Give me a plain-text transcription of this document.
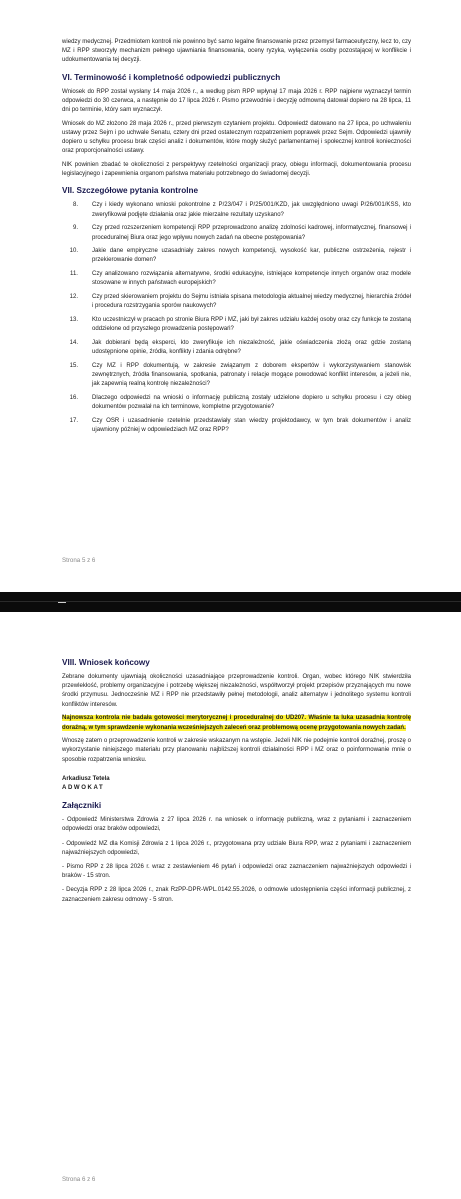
wiedzy medycznej. Przedmiotem kontroli nie powinno być samo legalne finansowanie przez przemysł farmaceutyczny, lecz to, czy MZ i RPP stworzyły mechanizm pełnego ujawniania finansowania, oceny ryzyka, wyłączenia osoby pozostającej w konflikcie i udokumentowania tej decyzji.

VI. Terminowość i kompletność odpowiedzi publicznych

Wniosek do RPP został wysłany 14 maja 2026 r., a według pism RPP wpłynął 17 maja 2026 r. RPP najpierw wyznaczył termin odpowiedzi do 30 czerwca, a następnie do 17 lipca 2026 r. Pismo przewodnie i decyzję odmowną datował dopiero na 28 lipca, 11 dni po terminie, który sam wyznaczył.

Wniosek do MZ złożono 28 maja 2026 r., przed pierwszym czytaniem projektu. Odpowiedź datowano na 27 lipca, po uchwaleniu ustawy przez Sejm i po uchwale Senatu, cztery dni przed ostatecznym rozpatrzeniem poprawek przez Sejm. Odpowiedzi ujawniły dopiero u schyłku procesu brak części analiz i dokumentów, które mogły służyć parlamentarnej i społecznej kontroli konieczności oraz proporcjonalności ustawy.

NIK powinien zbadać te okoliczności z perspektywy rzetelności organizacji pracy, obiegu informacji, dokumentowania procesu legislacyjnego i zapewnienia organom państwa materiału potrzebnego do świadomej decyzji.

VII. Szczegółowe pytania kontrolne
8. Czy i kiedy wykonano wnioski pokontrolne z P/23/047 i P/25/001/KZD, jak uwzględniono uwagi P/26/001/KSS, kto zweryfikował podjęte działania oraz jakie mierzalne rezultaty uzyskano?
9. Czy przed rozszerzeniem kompetencji RPP przeprowadzono analizę zdolności kadrowej, informatycznej, finansowej i proceduralnej Biura oraz jego wpływu nowych zadań na obecne postępowania?
10. Jakie dane empiryczne uzasadniały zakres nowych kompetencji, wysokość kar, publiczne ostrzeżenia, rejestr i przekierowanie domen?
11. Czy analizowano rozwiązania alternatywne, środki edukacyjne, istniejące kompetencje innych organów oraz modele stosowane w innych państwach europejskich?
12. Czy przed skierowaniem projektu do Sejmu istniała spisana metodologia aktualnej wiedzy medycznej, hierarchia źródeł i procedura rozstrzygania sporów naukowych?
13. Kto uczestniczył w pracach po stronie Biura RPP i MZ, jaki był zakres udziału każdej osoby oraz czy funkcje te zostaną oddzielone od przyszłego prowadzenia postępowań?
14. Jak dobierani będą eksperci, kto zweryfikuje ich niezależność, jakie oświadczenia złożą oraz gdzie zostaną udostępnione opinie, źródła, konflikty i zdania odrębne?
15. Czy MZ i RPP dokumentują, w zakresie związanym z doborem ekspertów i wykorzystywaniem stanowisk zewnętrznych, źródła finansowania, spotkania, patronaty i relacje mogące powodować konflikt interesów, a jeżeli nie, jak zapewnią realną kontrolę niezależności?
16. Dlaczego odpowiedzi na wnioski o informację publiczną zostały udzielone dopiero u schyłku procesu i czy obieg dokumentów pozwalał na ich terminowe, kompletne przygotowanie?
17. Czy OSR i uzasadnienie rzetelnie przedstawiały stan wiedzy projektodawcy, w tym brak dokumentów i analiz ujawniony później w odpowiedziach MZ oraz RPP?
Strona 5 z 6
VIII. Wniosek końcowy

Zebrane dokumenty ujawniają okoliczności uzasadniające przeprowadzenie kontroli. Organ, wobec którego NIK stwierdziła przewlekłość, problemy organizacyjne i potrzebę większej niezależności, współtworzył projekt przepisów przyznających mu nowe środki przymusu. Jednocześnie MZ i RPP nie przedstawiły pełnej metodologii, analiz alternatyw i jednolitego systemu kontroli konfliktów interesów.

Najnowsza kontrola nie badała gotowości merytorycznej i proceduralnej do UD207. Właśnie ta luka uzasadnia kontrolę doraźną, w tym sprawdzenie wykonania wcześniejszych zaleceń oraz problemową ocenę przygotowania nowych zadań.

Wnoszę zatem o przeprowadzenie kontroli w zakresie wskazanym na wstępie. Jeżeli NIK nie podejmie kontroli doraźnej, proszę o wykorzystanie niniejszego materiału przy planowaniu najbliższej kontroli działalności RPP i MZ oraz o poinformowanie mnie o sposobie rozpatrzenia wniosku.

Arkadiusz Tetela
ADWOKAT
Załączniki

- Odpowiedź Ministerstwa Zdrowia z 27 lipca 2026 r. na wniosek o informację publiczną, wraz z pytaniami i zaznaczeniem odpowiedzi oraz braków odpowiedzi,

- Odpowiedź MZ dla Komisji Zdrowia z 1 lipca 2026 r., przygotowana przy udziale Biura RPP, wraz z pytaniami i zaznaczeniem najważniejszych odpowiedzi,

- Pismo RPP z 28 lipca 2026 r. wraz z zestawieniem 46 pytań i odpowiedzi oraz zaznaczeniem najważniejszych odpowiedzi i braków - 15 stron.

- Decyzja RPP z 28 lipca 2026 r., znak RzPP-DPR-WPL.0142.55.2026, o odmowie udostępnienia części informacji publicznej, z zaznaczeniem zakresu odmowy - 5 stron.

Strona 6 z 6
